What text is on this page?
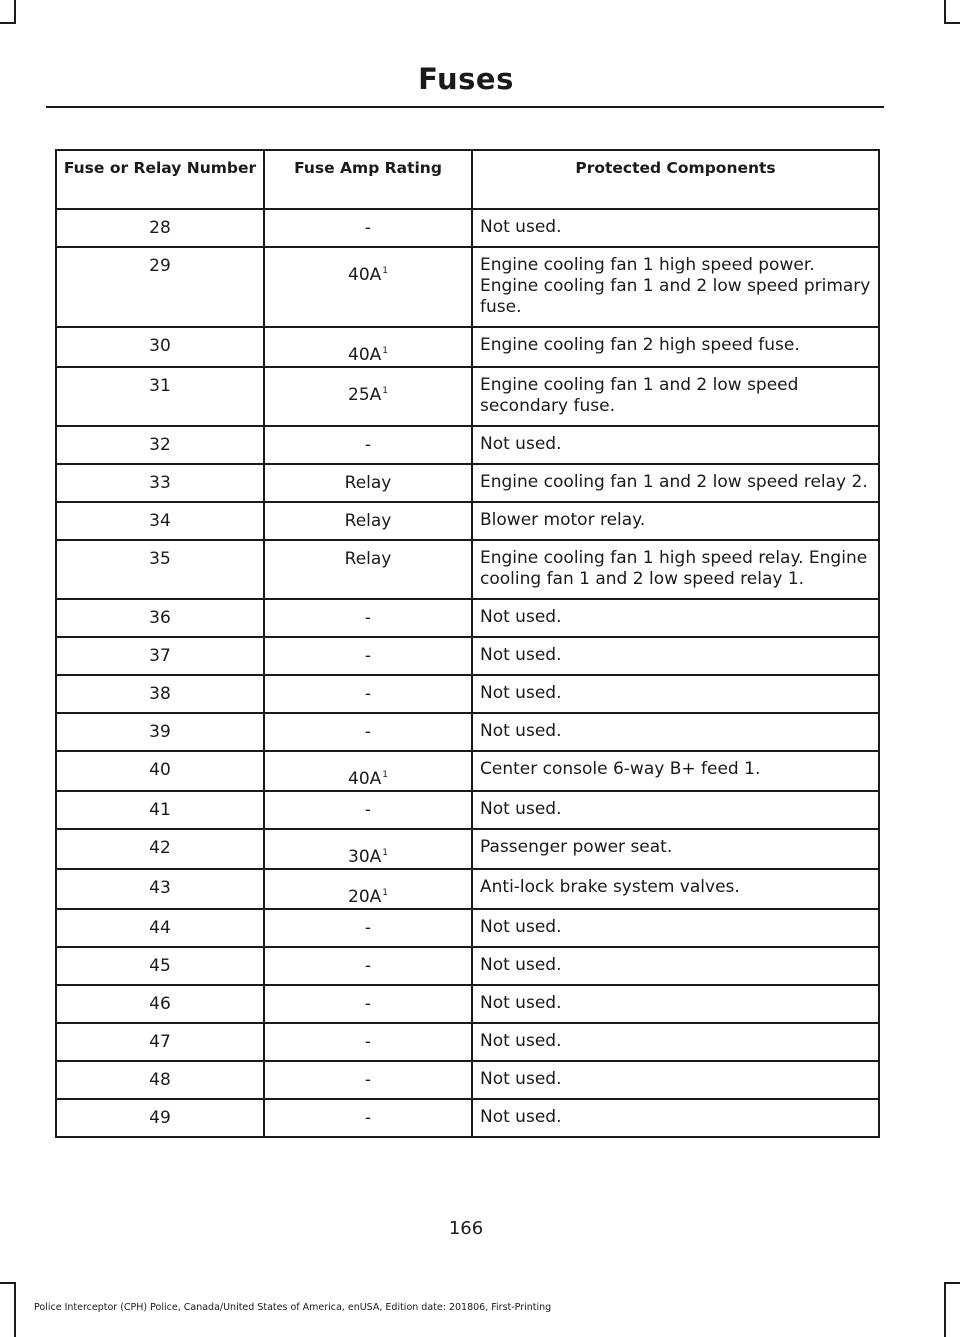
Fuses
Fuse or Relay Number	Fuse Amp Rating	Protected Components
28	-	Not used.
29	$40A^1$	Engine cooling fan 1 high speed power. Engine cooling fan 1 and 2 low speed primary fuse.
30	$40A^1$	Engine cooling fan 2 high speed fuse.
31	$25A^1$	Engine cooling fan 1 and 2 low speed secondary fuse.
32	-	Not used.
33	Relay	Engine cooling fan 1 and 2 low speed relay 2.
34	Relay	Blower motor relay.
35	Relay	Engine cooling fan 1 high speed relay. Engine cooling fan 1 and 2 low speed relay 1.
36	-	Not used.
37	-	Not used.
38	-	Not used.
39	-	Not used.
40	$40A^1$	Center console 6-way B+ feed 1.
41	-	Not used.
42	$30A^1$	Passenger power seat.
43	$20A^1$	Anti-lock brake system valves.
44	-	Not used.
45	-	Not used.
46	-	Not used.
47	-	Not used.
48	-	Not used.
49	-	Not used.
166
Police Interceptor (CPH) Police, Canada/United States of America, enUSA, Edition date: 201806, First-Printing
